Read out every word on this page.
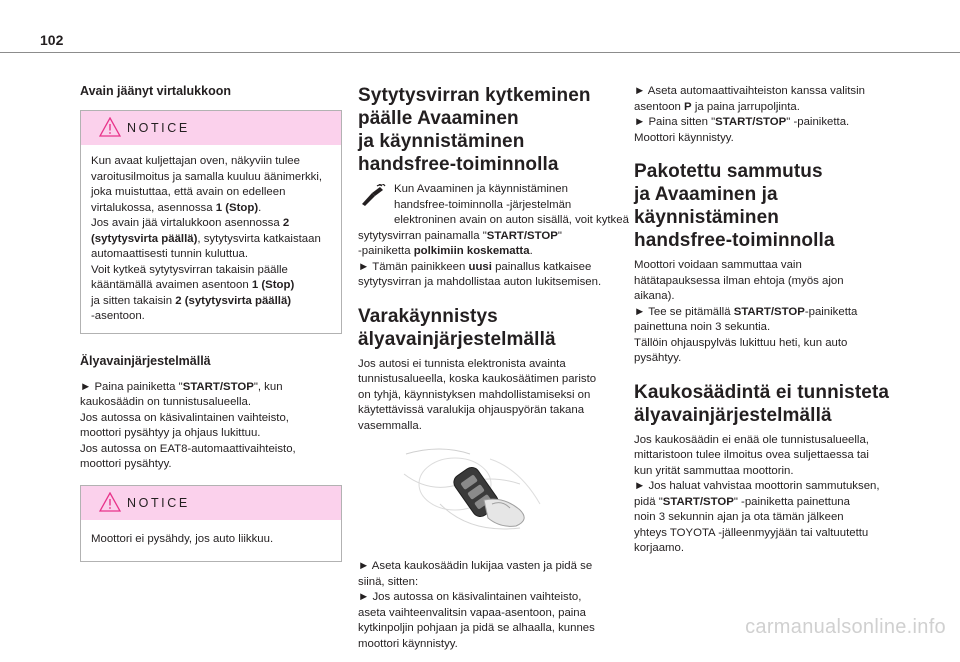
102
Avain jäänyt virtalukkoon
NOTICE
Kun avaat kuljettajan oven, näkyviin tulee
varoitusilmoitus ja samalla kuuluu äänimerkki,
joka muistuttaa, että avain on edelleen
virtalukossa, asennossa 1 (Stop).
Jos avain jää virtalukkoon asennossa 2
(sytytysvirta päällä), sytytysvirta katkaistaan
automaattisesti tunnin kuluttua.
Voit kytkeä sytytysvirran takaisin päälle
kääntämällä avaimen asentoon 1 (Stop)
ja sitten takaisin 2 (sytytysvirta päällä)
-asentoon.
Älyavainjärjestelmällä
► Paina painiketta "START/STOP", kun
kaukosäädin on tunnistusalueella.
Jos autossa on käsivalintainen vaihteisto,
moottori pysähtyy ja ohjaus lukittuu.
Jos autossa on EAT8-automaattivaihteisto,
moottori pysähtyy.
NOTICE
Moottori ei pysähdy, jos auto liikkuu.
Sytytysvirran kytkeminen
päälle Avaaminen
ja käynnistäminen
handsfree-toiminnolla
Kun Avaaminen ja käynnistäminen
handsfree-toiminnolla -järjestelmän
elektroninen avain on auton sisällä, voit kytkeä
sytytysvirran painamalla "START/STOP"
-painiketta polkimiin koskematta.
► Tämän painikkeen uusi painallus katkaisee
sytytysvirran ja mahdollistaa auton lukitsemisen.
Varakäynnistys
älyavainjärjestelmällä
Jos autosi ei tunnista elektronista avainta
tunnistusalueella, koska kaukosäätimen paristo
on tyhjä, käynnistyksen mahdollistamiseksi on
käytettävissä varalukija ohjauspyörän takana
vasemmalla.
► Aseta kaukosäädin lukijaa vasten ja pidä se
siinä, sitten:
► Jos autossa on käsivalintainen vaihteisto,
aseta vaihteenvalitsin vapaa-asentoon, paina
kytkinpoljin pohjaan ja pidä se alhaalla, kunnes
moottori käynnistyy.
► Aseta automaattivaihteiston kanssa valitsin
asentoon P ja paina jarrupoljinta.
► Paina sitten "START/STOP" -painiketta.
Moottori käynnistyy.
Pakotettu sammutus
ja Avaaminen ja
käynnistäminen
handsfree-toiminnolla
Moottori voidaan sammuttaa vain
hätätapauksessa ilman ehtoja (myös ajon
aikana).
► Tee se pitämällä START/STOP-painiketta
painettuna noin 3 sekuntia.
Tällöin ohjauspylväs lukittuu heti, kun auto
pysähtyy.
Kaukosäädintä ei tunnisteta
älyavainjärjestelmällä
Jos kaukosäädin ei enää ole tunnistusalueella,
mittaristoon tulee ilmoitus ovea suljettaessa tai
kun yrität sammuttaa moottorin.
► Jos haluat vahvistaa moottorin sammutuksen,
pidä "START/STOP" -painiketta painettuna
noin 3 sekunnin ajan ja ota tämän jälkeen
yhteys TOYOTA -jälleenmyyjään tai valtuutettu
korjaamo.
carmanualsonline.info
